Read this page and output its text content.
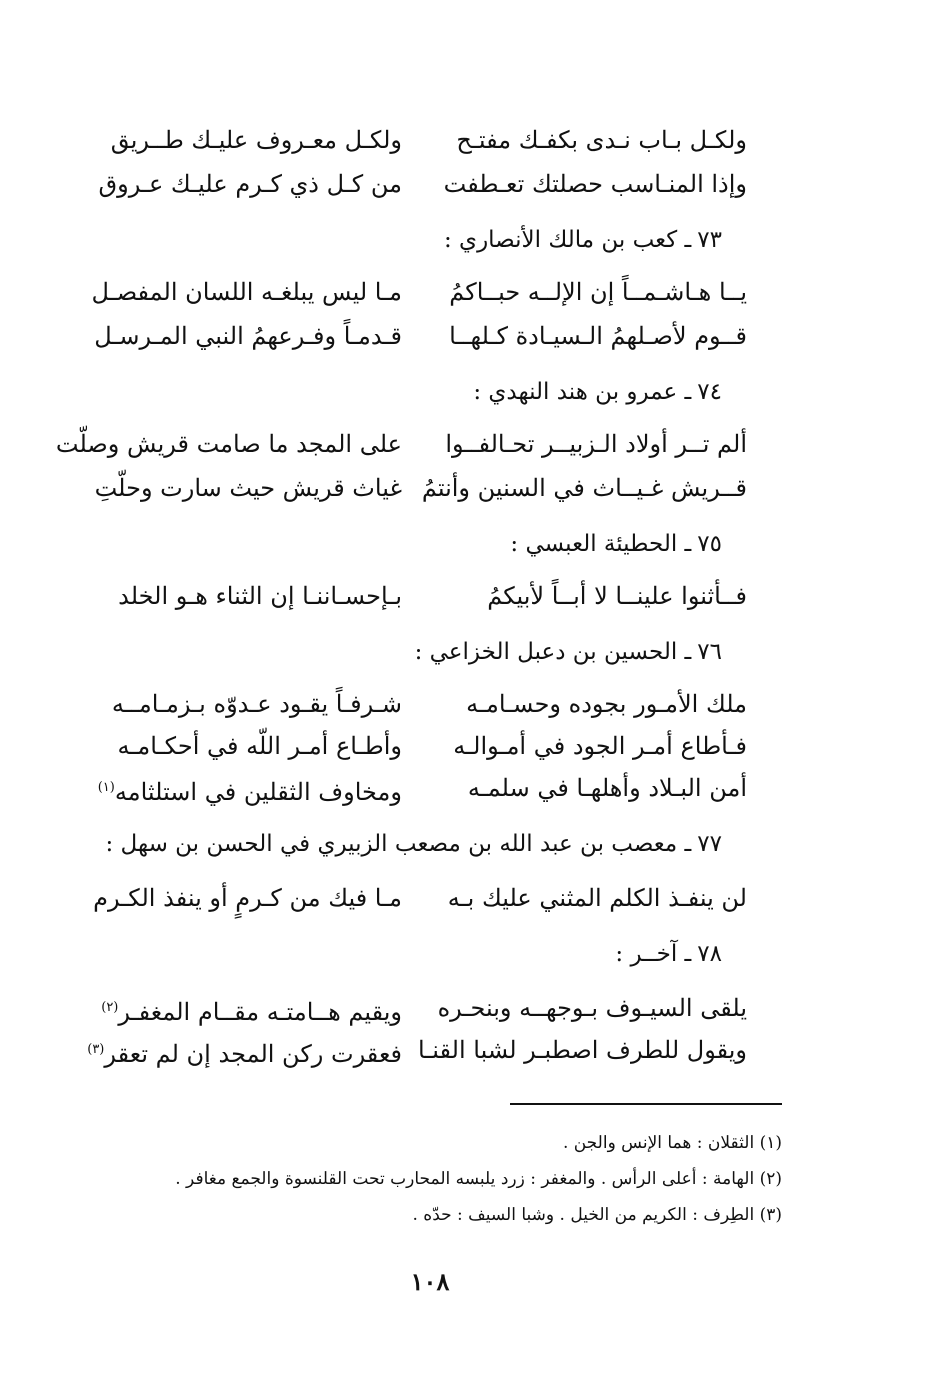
ولكـل بـاب نـدى بكفـك مفتـح
ولكـل معـروف عليـك طــريق
وإذا المنـاسب حصلتك تعـطفت
من كـل ذي كـرم عليـك عـروق
٧٣ـ كعب بن مالك الأنصاري :
يــا هـاشـمــاً إن الإلــه حبــاكمُ
مـا ليس يبلغـه اللسان المفصـل
قــوم لأصـلهمُ الـسيـادة كـلهــا
قـدمـاً وفـرعهمُ النبي المـرسـل
٧٤ـ عمرو بن هند النهدي :
ألم تــر أولاد الـزبيــر تحـالفــوا
على المجد ما صامت قريش وصلّت
قــريش غـيــاث في السنين وأنتمُ
غياث قريش حيث سارت وحلّتِ
٧٥ـ الحطيئة العبسي :
فــأثنوا علينــا لا أبــاً لأبيكمُ
بـإحسـاننـا إن الثناء هـو الخلد
٧٦ـ الحسين بن دعبل الخزاعي :
ملك الأمـور بجوده وحسـامـه
شـرفـاً يقـود عـدوّه بـزمـامــه
فـأطاع أمـر الجود في أمـوالـه
وأطـاع أمـر اللّه في أحكـامـه
أمن البـلاد وأهلهـا في سلمـه
ومخاوف الثقلين في استلثامه$^{(١)}$
٧٧ـ معصب بن عبد الله بن مصعب الزبيري في الحسن بن سهل :
لن ينفـذ الكلم المثني عليك بـه
مـا فيك من كـرمٍ أو ينفذ الكـرم
٧٨ـ آخــر :
يلقى السيـوف بـوجهــه وبنحـره
ويقيم هــامتـه مقــام المغفـر$^{(٢)}$
ويقول للطرف اصطبـر لشبا القنـا
فعقرت ركن المجد إن لم تعقر$^{(٣)}$
(١) الثقلان : هما الإنس والجن .
(٢) الهامة : أعلى الرأس . والمغفر : زرد يلبسه المحارب تحت القلنسوة والجمع مغافر .
(٣) الطِرف : الكريم من الخيل . وشبا السيف : حدّه .
١٠٨
